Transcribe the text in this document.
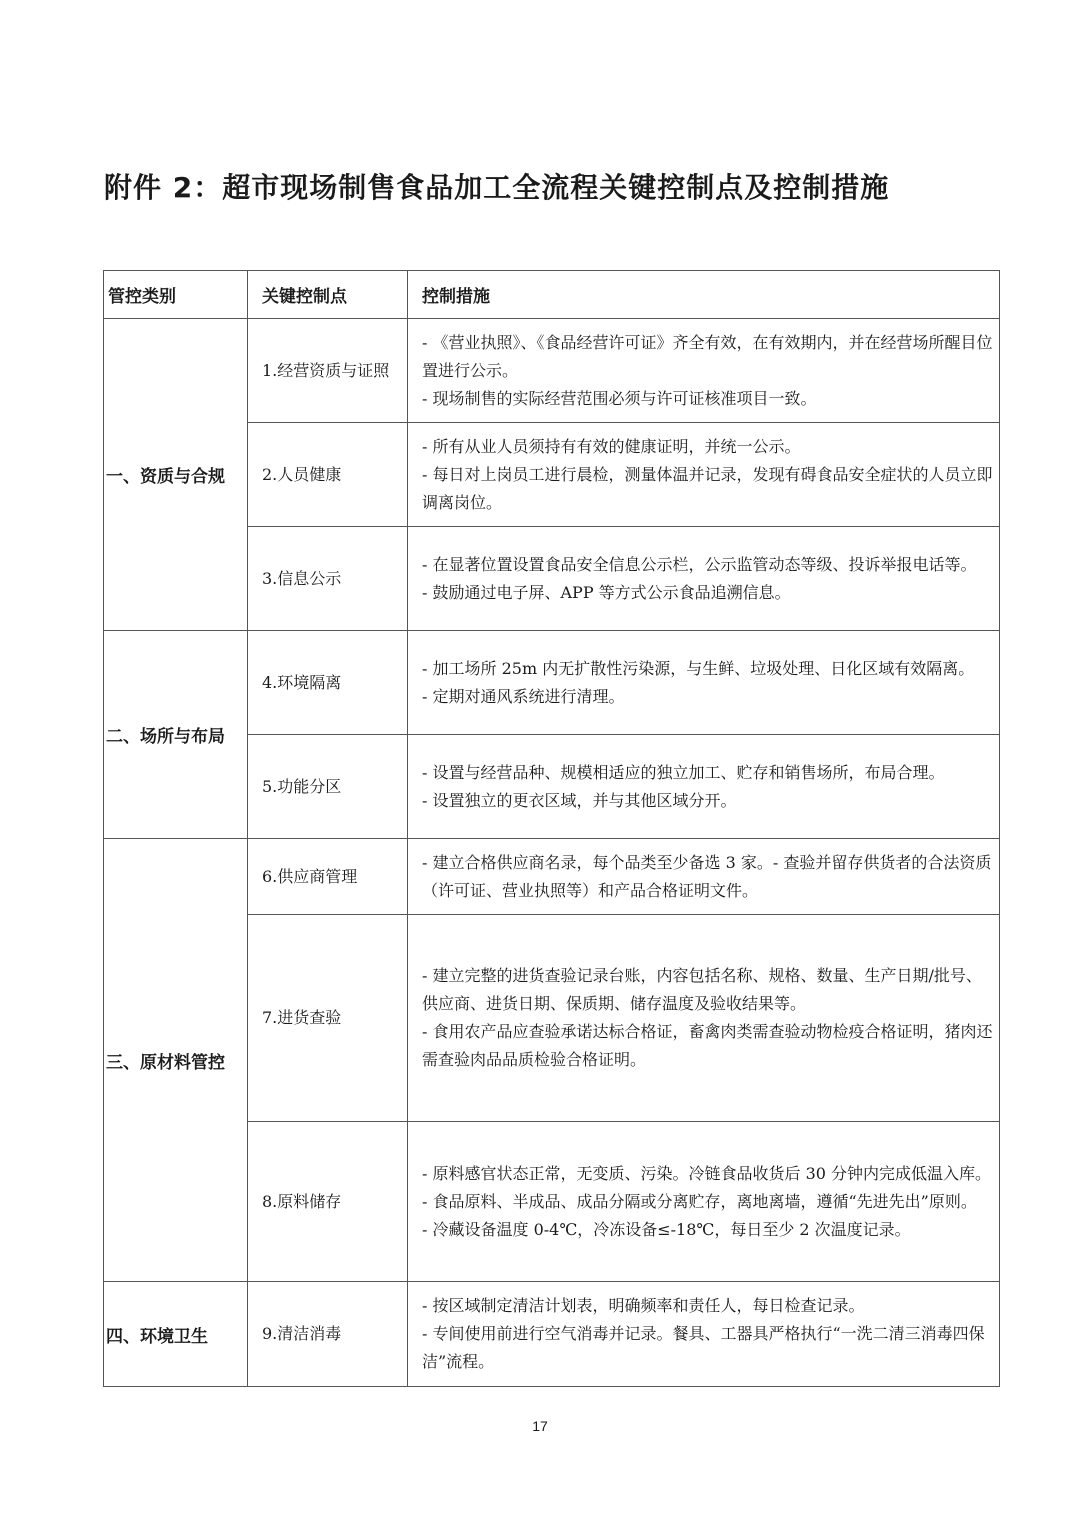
附件 2：超市现场制售食品加工全流程关键控制点及控制措施
管控类别	关键控制点	控制措施
一、资质与合规	1.经营资质与证照	- 《营业执照》、《食品经营许可证》齐全有效，在有效期内，并在经营场所醒目位置进行公示。
- 现场制售的实际经营范围必须与许可证核准项目一致。

	2.人员健康	- 所有从业人员须持有有效的健康证明，并统一公示。
- 每日对上岗员工进行晨检，测量体温并记录，发现有碍食品安全症状的人员立即调离岗位。

	3.信息公示	- 在显著位置设置食品安全信息公示栏，公示监管动态等级、投诉举报电话等。
- 鼓励通过电子屏、APP 等方式公示食品追溯信息。

二、场所与布局	4.环境隔离	- 加工场所 25m 内无扩散性污染源，与生鲜、垃圾处理、日化区域有效隔离。
- 定期对通风系统进行清理。

	5.功能分区	- 设置与经营品种、规模相适应的独立加工、贮存和销售场所，布局合理。
- 设置独立的更衣区域，并与其他区域分开。

三、原材料管控	6.供应商管理	- 建立合格供应商名录，每个品类至少备选 3 家。- 查验并留存供货者的合法资质（许可证、营业执照等）和产品合格证明文件。

	7.进货查验	- 建立完整的进货查验记录台账，内容包括名称、规格、数量、生产日期/批号、供应商、进货日期、保质期、储存温度及验收结果等。
- 食用农产品应查验承诺达标合格证，畜禽肉类需查验动物检疫合格证明，猪肉还需查验肉品品质检验合格证明。

	8.原料储存	- 原料感官状态正常，无变质、污染。冷链食品收货后 30 分钟内完成低温入库。
- 食品原料、半成品、成品分隔或分离贮存，离地离墙，遵循“先进先出”原则。
- 冷藏设备温度 0-4℃，冷冻设备≤-18℃，每日至少 2 次温度记录。

四、环境卫生	9.清洁消毒	- 按区域制定清洁计划表，明确频率和责任人，每日检查记录。
- 专间使用前进行空气消毒并记录。餐具、工器具严格执行“一洗二清三消毒四保洁”流程。
17
